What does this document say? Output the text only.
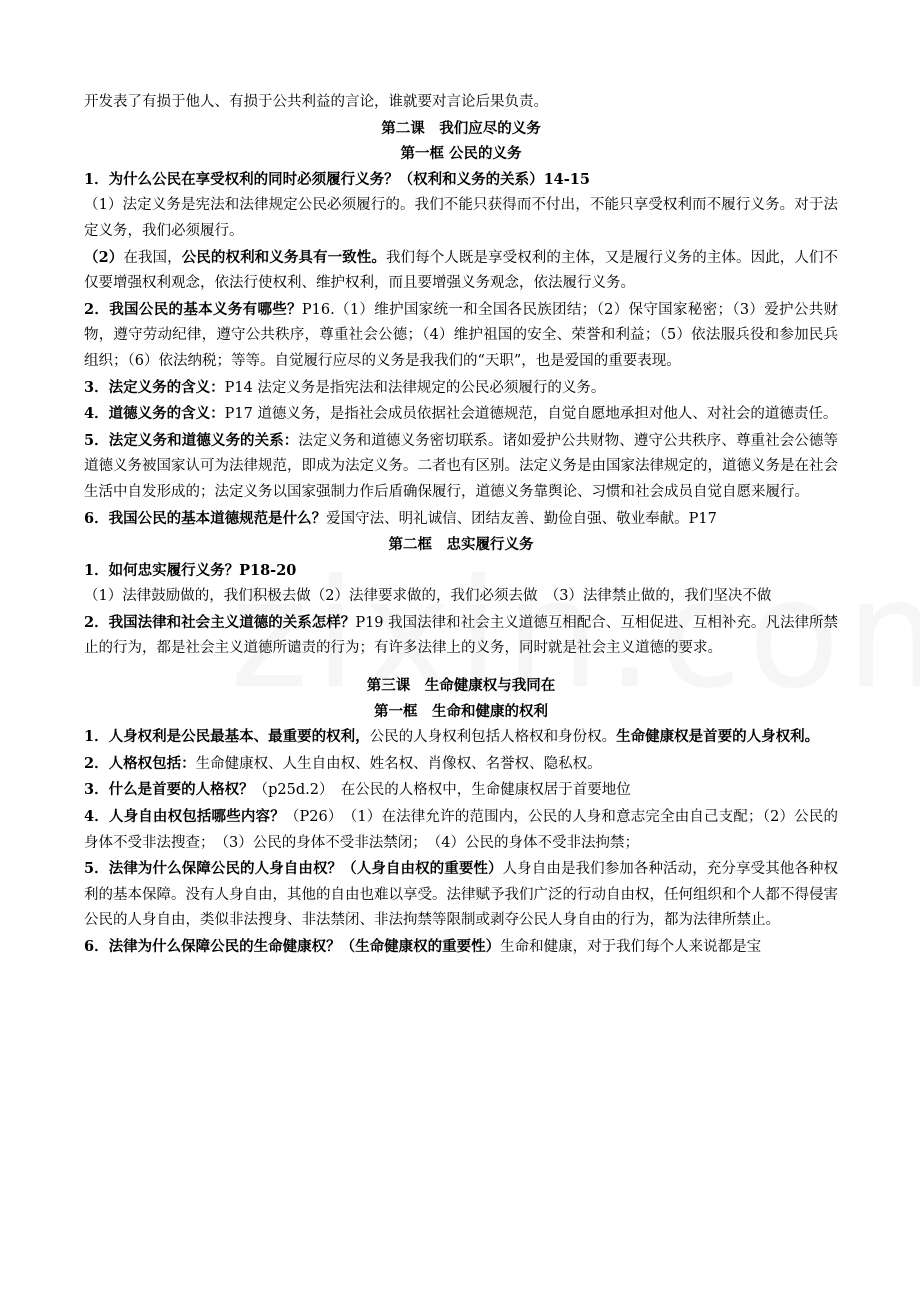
开发表了有损于他人、有损于公共利益的言论，谁就要对言论后果负责。

第二课　我们应尽的义务

第一框 公民的义务

1．为什么公民在享受权利的同时必须履行义务？（权利和义务的关系）14-15

（1）法定义务是宪法和法律规定公民必须履行的。我们不能只获得而不付出，不能只享受权利而不履行义务。对于法定义务，我们必须履行。

（2）在我国，公民的权利和义务具有一致性。我们每个人既是享受权利的主体，又是履行义务的主体。因此，人们不仅要增强权利观念，依法行使权利、维护权利，而且要增强义务观念，依法履行义务。

2．我国公民的基本义务有哪些？P16.（1）维护国家统一和全国各民族团结；（2）保守国家秘密；（3）爱护公共财物，遵守劳动纪律，遵守公共秩序，尊重社会公德；（4）维护祖国的安全、荣誉和利益；（5）依法服兵役和参加民兵组织；（6）依法纳税；等等。自觉履行应尽的义务是我我们的“天职”，也是爱国的重要表现。

3．法定义务的含义：P14 法定义务是指宪法和法律规定的公民必须履行的义务。

4．道德义务的含义：P17 道德义务，是指社会成员依据社会道德规范，自觉自愿地承担对他人、对社会的道德责任。

5．法定义务和道德义务的关系：法定义务和道德义务密切联系。诸如爱护公共财物、遵守公共秩序、尊重社会公德等道德义务被国家认可为法律规范，即成为法定义务。二者也有区别。法定义务是由国家法律规定的，道德义务是在社会生活中自发形成的；法定义务以国家强制力作后盾确保履行，道德义务靠舆论、习惯和社会成员自觉自愿来履行。

6．我国公民的基本道德规范是什么？爱国守法、明礼诚信、团结友善、勤俭自强、敬业奉献。P17

第二框　忠实履行义务

1．如何忠实履行义务？P18-20

（1）法律鼓励做的，我们积极去做（2）法律要求做的，我们必须去做　（3）法律禁止做的，我们坚决不做

2．我国法律和社会主义道德的关系怎样？P19 我国法律和社会主义道德互相配合、互相促进、互相补充。凡法律所禁止的行为，都是社会主义道德所谴责的行为；有许多法律上的义务，同时就是社会主义道德的要求。

第三课　生命健康权与我同在

第一框　生命和健康的权利

1．人身权利是公民最基本、最重要的权利，公民的人身权利包括人格权和身份权。生命健康权是首要的人身权利。

2．人格权包括：生命健康权、人生自由权、姓名权、肖像权、名誉权、隐私权。

3．什么是首要的人格权？（p25d.2）　在公民的人格权中，生命健康权居于首要地位

4．人身自由权包括哪些内容？（P26）　（1）在法律允许的范围内，公民的人身和意志完全由自己支配；（2）公民的身体不受非法搜查；　（3）公民的身体不受非法禁闭；　（4）公民的身体不受非法拘禁；

5．法律为什么保障公民的人身自由权？（人身自由权的重要性）人身自由是我们参加各种活动，充分享受其他各种权利的基本保障。没有人身自由，其他的自由也难以享受。法律赋予我们广泛的行动自由权，任何组织和个人都不得侵害公民的人身自由，类似非法搜身、非法禁闭、非法拘禁等限制或剥夺公民人身自由的行为，都为法律所禁止。

6．法律为什么保障公民的生命健康权？（生命健康权的重要性）生命和健康，对于我们每个人来说都是宝
